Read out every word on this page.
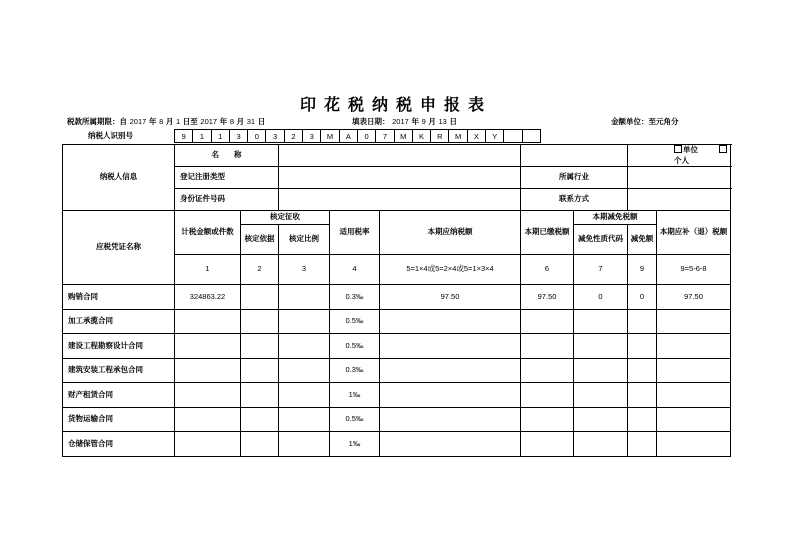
印花税纳税申报表
税款所属期限：自 2017 年 8 月 1 日至 2017 年 8 月 31 日	填表日期： 2017 年 9 月 13 日	金额单位：至元角分
纳税人识别号	9	1	1	3	0	3	2	3	M	A	0	7	M	K	R	M	X	Y		
纳税人信息	名　　称							单位        个人	
	登记注册类型					所属行业			
	身份证件号码					联系方式			
应税凭证名称	计税金额或件数	核定征收		适用税率	本期应纳税额	本期已缴税额	本期减免税额		本期应补（退）税额
		核定依据	核定比例				减免性质代码	减免额	
	1	2	3	4	5=1×4或5=2×4或5=1×3×4	6	7	9	9=5-6-8
购销合同	324863.22			0.3‰	97.50	97.50	0	0	97.50
加工承揽合同				0.5‰					
建设工程勘察设计合同				0.5‰					
建筑安装工程承包合同				0.3‰					
财产租赁合同				1‰					
货物运输合同				0.5‰					
仓储保管合同				1‰					
